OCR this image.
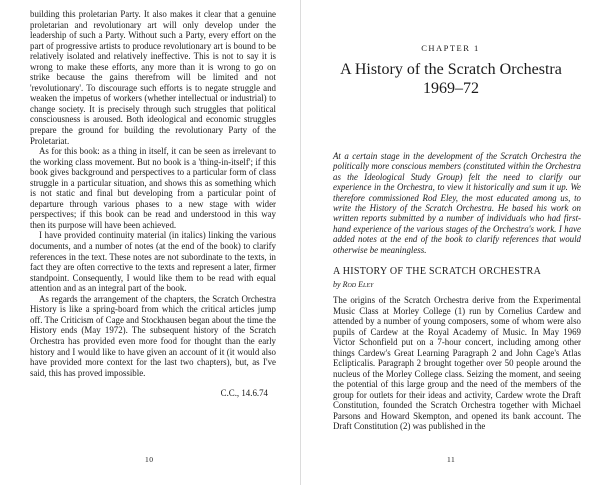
building this proletarian Party. It also makes it clear that a genuine proletarian and revolutionary art will only develop under the leadership of such a Party. Without such a Party, every effort on the part of progressive artists to produce revolutionary art is bound to be relatively isolated and relatively ineffective. This is not to say it is wrong to make these efforts, any more than it is wrong to go on strike because the gains therefrom will be limited and not 'revolutionary'. To discourage such efforts is to negate struggle and weaken the impetus of workers (whether intellectual or industrial) to change society. It is precisely through such struggles that political consciousness is aroused. Both ideological and economic struggles prepare the ground for building the revolutionary Party of the Proletariat.

As for this book: as a thing in itself, it can be seen as irrelevant to the working class movement. But no book is a 'thing-in-itself'; if this book gives background and perspectives to a particular form of class struggle in a particular situation, and shows this as something which is not static and final but developing from a particular point of departure through various phases to a new stage with wider perspectives; if this book can be read and understood in this way then its purpose will have been achieved.

I have provided continuity material (in italics) linking the various documents, and a number of notes (at the end of the book) to clarify references in the text. These notes are not subordinate to the texts, in fact they are often corrective to the texts and represent a later, firmer standpoint. Consequently, I would like them to be read with equal attention and as an integral part of the book.

As regards the arrangement of the chapters, the Scratch Orchestra History is like a spring-board from which the critical articles jump off. The Criticism of Cage and Stockhausen began about the time the History ends (May 1972). The subsequent history of the Scratch Orchestra has provided even more food for thought than the early history and I would like to have given an account of it (it would also have provided more context for the last two chapters), but, as I've said, this has proved impossible.

C.C., 14.6.74

10

CHAPTER 1

A History of the Scratch Orchestra
1969–72

At a certain stage in the development of the Scratch Orchestra the politically more conscious members (constituted within the Orchestra as the Ideological Study Group) felt the need to clarify our experience in the Orchestra, to view it historically and sum it up. We therefore commissioned Rod Eley, the most educated among us, to write the History of the Scratch Orchestra. He based his work on written reports submitted by a number of individuals who had first-hand experience of the various stages of the Orchestra's work. I have added notes at the end of the book to clarify references that would otherwise be meaningless.

A HISTORY OF THE SCRATCH ORCHESTRA

by Rod Eley

The origins of the Scratch Orchestra derive from the Experimental Music Class at Morley College (1) run by Cornelius Cardew and attended by a number of young composers, some of whom were also pupils of Cardew at the Royal Academy of Music. In May 1969 Victor Schonfield put on a 7-hour concert, including among other things Cardew's Great Learning Paragraph 2 and John Cage's Atlas Eclipticalis. Paragraph 2 brought together over 50 people around the nucleus of the Morley College class. Seizing the moment, and seeing the potential of this large group and the need of the members of the group for outlets for their ideas and activity, Cardew wrote the Draft Constitution, founded the Scratch Orchestra together with Michael Parsons and Howard Skempton, and opened its bank account. The Draft Constitution (2) was published in the

11
